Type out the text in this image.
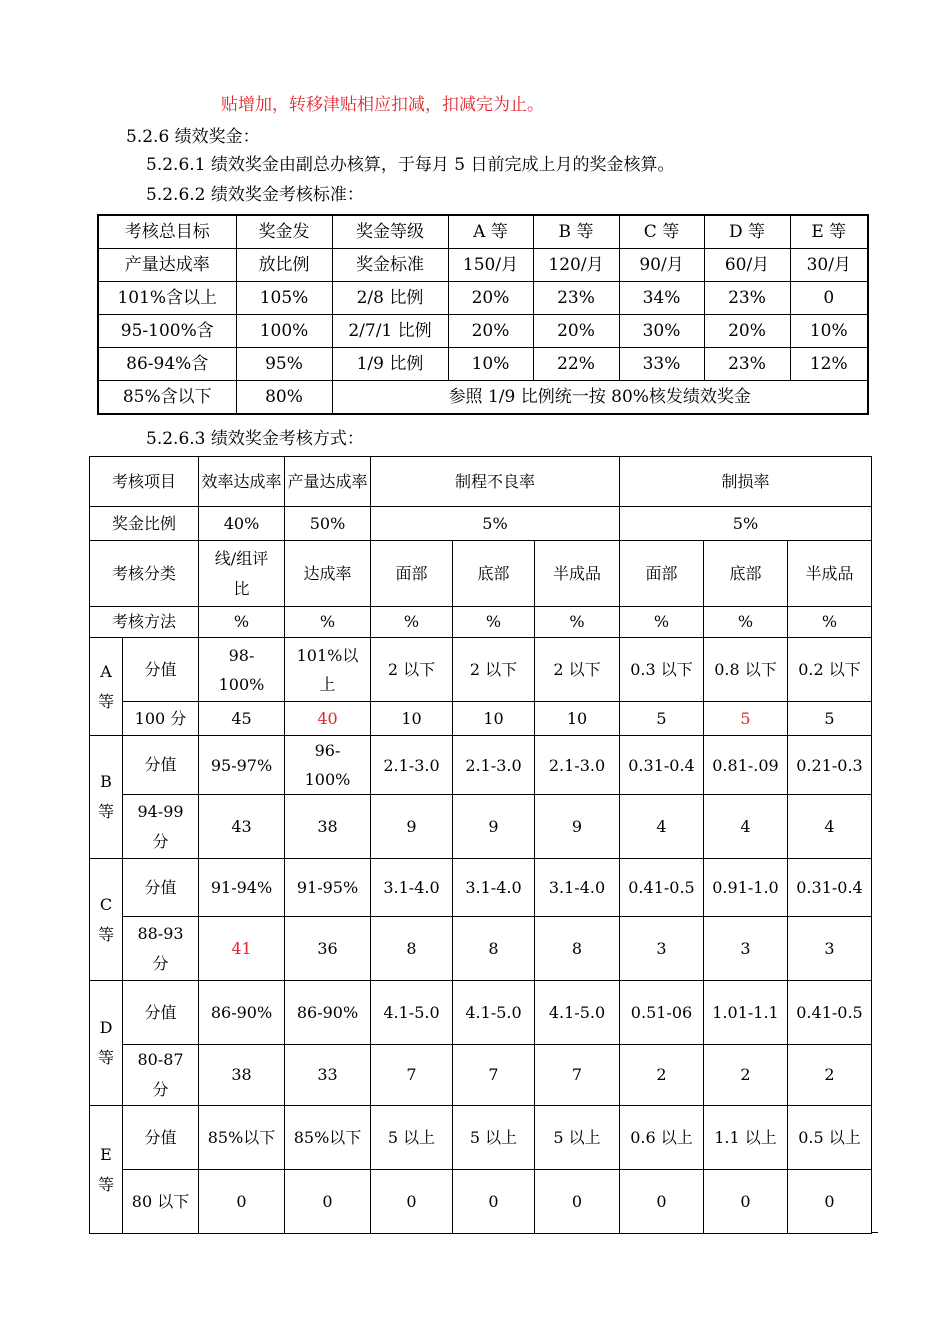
贴增加，转移津贴相应扣减，扣减完为止。
5.2.6 绩效奖金：
5.2.6.1 绩效奖金由副总办核算，于每月 5 日前完成上月的奖金核算。
5.2.6.2 绩效奖金考核标准：
考核总目标	奖金发	奖金等级	A 等	B 等	C 等	D 等	E 等
产量达成率	放比例	奖金标准	150/月	120/月	90/月	60/月	30/月
101%含以上	105%	2/8 比例	20%	23%	34%	23%	0
95-100%含	100%	2/7/1 比例	20%	20%	30%	20%	10%
86-94%含	95%	1/9 比例	10%	22%	33%	23%	12%
85%含以下	80%	参照 1/9 比例统一按 80%核发绩效奖金					
5.2.6.3 绩效奖金考核方式：
考核项目		效率达成率	产量达成率	制程不良率			制损率		
奖金比例		40%	50%	5%			5%		
考核分类		线/组评比	达成率	面部	底部	半成品	面部	底部	半成品
考核方法		%	%	%	%	%	%	%	%
A 等	分值	98-100%	101%以上	2 以下	2 以下	2 以下	0.3 以下	0.8 以下	0.2 以下
	100 分	45	40	10	10	10	5	5	5
B 等	分值	95-97%	96-100%	2.1-3.0	2.1-3.0	2.1-3.0	0.31-0.4	0.81-.09	0.21-0.3
	94-99 分	43	38	9	9	9	4	4	4
C 等	分值	91-94%	91-95%	3.1-4.0	3.1-4.0	3.1-4.0	0.41-0.5	0.91-1.0	0.31-0.4
	88-93 分	41	36	8	8	8	3	3	3
D 等	分值	86-90%	86-90%	4.1-5.0	4.1-5.0	4.1-5.0	0.51-06	1.01-1.1	0.41-0.5
	80-87 分	38	33	7	7	7	2	2	2
E 等	分值	85%以下	85%以下	5 以上	5 以上	5 以上	0.6 以上	1.1 以上	0.5 以上
	80 以下	0	0	0	0	0	0	0	0
